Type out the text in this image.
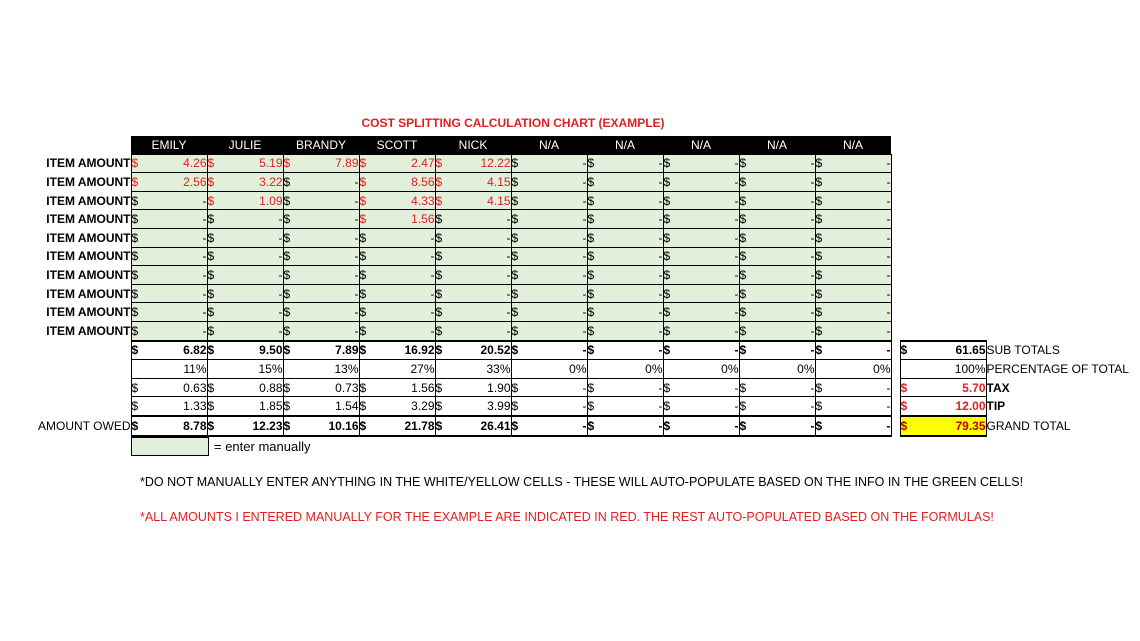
COST SPLITTING CALCULATION CHART (EXAMPLE)
	EMILY		JULIE		BRANDY		SCOTT		NICK		N/A		N/A		N/A		N/A		N/A					
ITEM AMOUNT	$	4.26	$	5.19	$	7.89	$	2.47	$	12.22	$	-	$	-	$	-	$	-	$	-				
ITEM AMOUNT	$	2.56	$	3.22	$	-	$	8.56	$	4.15	$	-	$	-	$	-	$	-	$	-				
ITEM AMOUNT	$	-	$	1.09	$	-	$	4.33	$	4.15	$	-	$	-	$	-	$	-	$	-				
ITEM AMOUNT	$	-	$	-	$	-	$	1.56	$	-	$	-	$	-	$	-	$	-	$	-				
ITEM AMOUNT	$	-	$	-	$	-	$	-	$	-	$	-	$	-	$	-	$	-	$	-				
ITEM AMOUNT	$	-	$	-	$	-	$	-	$	-	$	-	$	-	$	-	$	-	$	-				
ITEM AMOUNT	$	-	$	-	$	-	$	-	$	-	$	-	$	-	$	-	$	-	$	-				
ITEM AMOUNT	$	-	$	-	$	-	$	-	$	-	$	-	$	-	$	-	$	-	$	-				
ITEM AMOUNT	$	-	$	-	$	-	$	-	$	-	$	-	$	-	$	-	$	-	$	-				
ITEM AMOUNT	$	-	$	-	$	-	$	-	$	-	$	-	$	-	$	-	$	-	$	-				
	$	6.82	$	9.50	$	7.89	$	16.92	$	20.52	$	-	$	-	$	-	$	-	$	-		$	61.65	SUB TOTALS
	11%		15%		13%		27%		33%		0%		0%		0%		0%		0%			100%		PERCENTAGE OF TOTAL
	$	0.63	$	0.88	$	0.73	$	1.56	$	1.90	$	-	$	-	$	-	$	-	$	-		$	5.70	TAX
	$	1.33	$	1.85	$	1.54	$	3.29	$	3.99	$	-	$	-	$	-	$	-	$	-		$	12.00	TIP
AMOUNT OWED	$	8.78	$	12.23	$	10.16	$	21.78	$	26.41	$	-	$	-	$	-	$	-	$	-		$	79.35	GRAND TOTAL
= enter manually
*DO NOT MANUALLY ENTER ANYTHING IN THE WHITE/YELLOW CELLS - THESE WILL AUTO-POPULATE BASED ON THE INFO IN THE GREEN CELLS!
*ALL AMOUNTS I ENTERED MANUALLY FOR THE EXAMPLE ARE INDICATED IN RED. THE REST AUTO-POPULATED BASED ON THE FORMULAS!
